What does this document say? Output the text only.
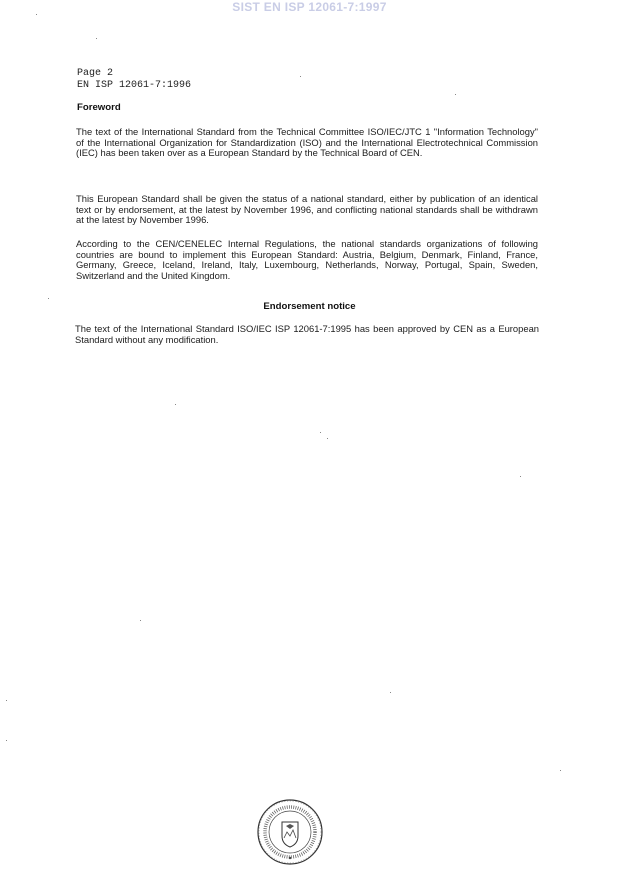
SIST EN ISP 12061-7:1997
Page 2
EN ISP 12061-7:1996
Foreword
The text of the International Standard from the Technical Committee ISO/IEC/JTC 1 "Information Technology" of the International Organization for Standardization (ISO) and the International Electrotechnical Commission (IEC) has been taken over as a European Standard by the Technical Board of CEN.
This European Standard shall be given the status of a national standard, either by publication of an identical text or by endorsement, at the latest by November 1996, and conflicting national standards shall be withdrawn at the latest by November 1996.
According to the CEN/CENELEC Internal Regulations, the national standards organizations of following countries are bound to implement this European Standard: Austria, Belgium, Denmark, Finland, France, Germany, Greece, Iceland, Ireland, Italy, Luxembourg, Netherlands, Norway, Portugal, Spain, Sweden, Switzerland and the United Kingdom.
Endorsement notice
The text of the International Standard ISO/IEC ISP 12061-7:1995 has been approved by CEN as a European Standard without any modification.
